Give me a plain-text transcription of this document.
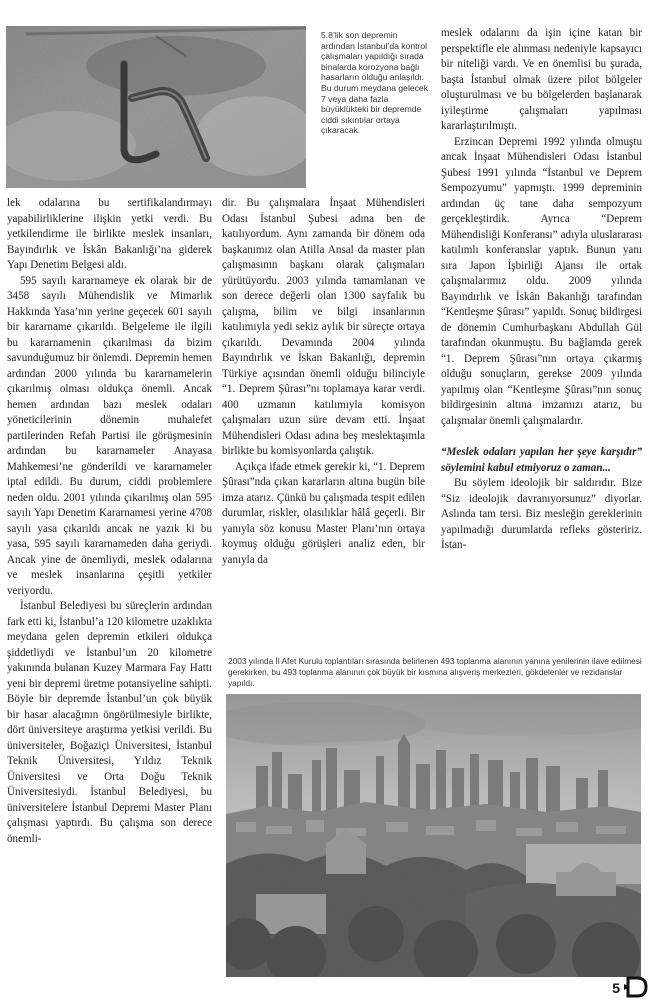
5.8’lik son depremin ardından İstanbul’da kontrol çalışmaları yapıldığı sırada binalarda korozyona bağlı hasarların olduğu anlaşıldı. Bu durum meydana gelecek 7 veya daha fazla büyüklükteki bir depremde ciddi sıkıntılar ortaya çıkaracak.

lek odalarına bu sertifikalandırmayı yapabilirliklerine ilişkin yetki verdi. Bu yetkilendirme ile birlikte meslek insanları, Bayındırlık ve İskân Bakanlığı’na giderek Yapı Denetim Belgesi aldı.

595 sayılı kararnameye ek olarak bir de 3458 sayılı Mühendislik ve Mimarlık Hakkında Yasa’nın yerine geçecek 601 sayılı bir kararname çıkarıldı. Belgeleme ile ilgili bu kararnamenin çıkarılması da bizim savunduğumuz bir önlemdi. Depremin hemen ardından 2000 yılında bu kararnamelerin çıkarılmış olması oldukça önemli. Ancak hemen ardından bazı meslek odaları yöneticilerinin dönemin muhalefet partilerinden Refah Partisi ile görüşmesinin ardından bu kararnameler Anayasa Mahkemesi’ne gönderildi ve kararnameler iptal edildi. Bu durum, ciddi problemlere neden oldu. 2001 yılında çıkarılmış olan 595 sayılı Yapı Denetim Kararnamesi yerine 4708 sayılı yasa çıkarıldı ancak ne yazık ki bu yasa, 595 sayılı kararnameden daha geriydi. Ancak yine de önemliydi, meslek odalarına ve meslek insanlarına çeşitli yetkiler veriyordu.

İstanbul Belediyesi bu süreçlerin ardından fark etti ki, İstanbul’a 120 kilometre uzaklıkta meydana gelen depremin etkileri oldukça şiddetliydi ve İstanbul’un 20 kilometre yakınında bulanan Kuzey Marmara Fay Hattı yeni bir depremi üretme potansiyeline sahipti. Böyle bir depremde İstanbul’un çok büyük bir hasar alacağının öngörülmesiyle birlikte, dört üniversiteye araştırma yetkisi verildi. Bu üniversiteler, Boğaziçi Üniversitesi, İstanbul Teknik Üniversitesi, Yıldız Teknik Üniversitesi ve Orta Doğu Teknik Üniversitesiydi. İstanbul Belediyesi, bu üniversitelere İstanbul Depremi Master Planı çalışması yaptırdı. Bu çalışma son derece önemli-

dir. Bu çalışmalara İnşaat Mühendisleri Odası İstanbul Şubesi adına ben de katılıyordum. Aynı zamanda bir dönem oda başkanımız olan Atilla Ansal da master plan çalışmasının başkanı olarak çalışmaları yürütüyordu. 2003 yılında tamamlanan ve son derece değerli olan 1300 sayfalık bu çalışma, bilim ve bilgi insanlarının katılımıyla yedi sekiz aylık bir süreçte ortaya çıkarıldı. Devamında 2004 yılında Bayındırlık ve İskan Bakanlığı, depremin Türkiye açısından önemli olduğu bilinciyle “1. Deprem Şûrası”nı toplamaya karar verdi. 400 uzmanın katılımıyla komisyon çalışmaları uzun süre devam etti. İnşaat Mühendisleri Odası adına beş meslektaşımla birlikte bu komisyonlarda çalıştık.

Açıkça ifade etmek gerekir ki, “1. Deprem Şûrası”nda çıkan kararların altına bugün bile imza atarız. Çünkü bu çalışmada tespit edilen durumlar, riskler, olasılıklar hâlâ geçerli. Bir yanıyla söz konusu Master Planı’nın ortaya koymuş olduğu görüşleri analiz eden, bir yanıyla da

meslek odalarını da işin içine katan bir perspektifle ele alınması nedeniyle kapsayıcı bir niteliği vardı. Ve en önemlisi bu şurada, başta İstanbul olmak üzere pilot bölgeler oluşturulması ve bu bölgelerden başlanarak iyileştirme çalışmaları yapılması kararlaştırılmıştı.

Erzincan Depremi 1992 yılında olmuştu ancak İnşaat Mühendisleri Odası İstanbul Şubesi 1991 yılında “İstanbul ve Deprem Sempozyumu” yapmıştı. 1999 depreminin ardından üç tane daha sempozyum gerçekleştirdik. Ayrıca “Deprem Mühendisliği Konferansı” adıyla uluslararası katılımlı konferanslar yaptık. Bunun yanı sıra Japon İşbirliği Ajansı ile ortak çalışmalarımız oldu. 2009 yılında Bayındırlık ve İskân Bakanlığı tarafından “Kentleşme Şûrası” yapıldı. Sonuç bildirgesi de dönemin Cumhurbaşkanı Abdullah Gül tarafından okunmuştu. Bu bağlamda gerek “1. Deprem Şûrası”nın ortaya çıkarmış olduğu sonuçların, gerekse 2009 yılında yapılmış olan “Kentleşme Şûrası”nın sonuç bildirgesinin altına imzamızı atarız, bu çalışmalar önemli çalışmalardır.

“Meslek odaları yapılan her şeye karşıdır” söylemini kabul etmiyoruz o zaman...

Bu söylem ideolojik bir saldırıdır. Bize “Siz ideolojik davranıyorsunuz” diyorlar. Aslında tam tersi. Biz mesleğin gereklerinin yapılmadığı durumlarda refleks gösteririz. İstan-

2003 yılında İl Afet Kurulu toplantıları sırasında belirlenen 493 toplanma alanının yanına yenilerinin ilave edilmesi gerekirken, bu 493 toplanma alanının çok büyük bir kısmına alışveriş merkezleri, gökdelenler ve rezidanslar yapıldı.
5
